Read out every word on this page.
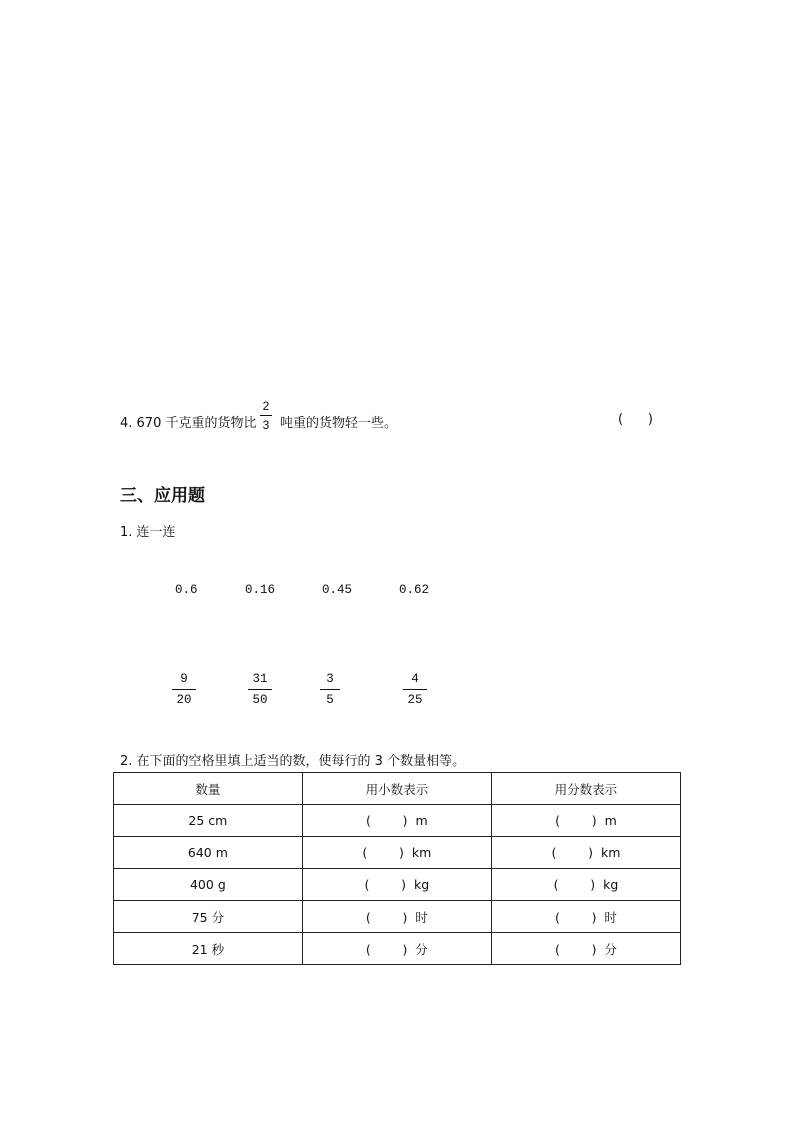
4. 670 千克重的货物比
2
3 吨重的货物轻一些。	(      )
三、应用题
1. 连一连
0.6	0.16	0.45	0.62
9
20
31
50
3
5
4
25
2. 在下面的空格里填上适当的数，使每行的 3 个数量相等。
数量	用小数表示	用分数表示
25 cm	(        )  m	(        )  m
640 m	(        )  km	(        )  km
400 g	(        )  kg	(        )  kg
75 分	(        )  时	(        )  时
21 秒	(        )  分	(        )  分
